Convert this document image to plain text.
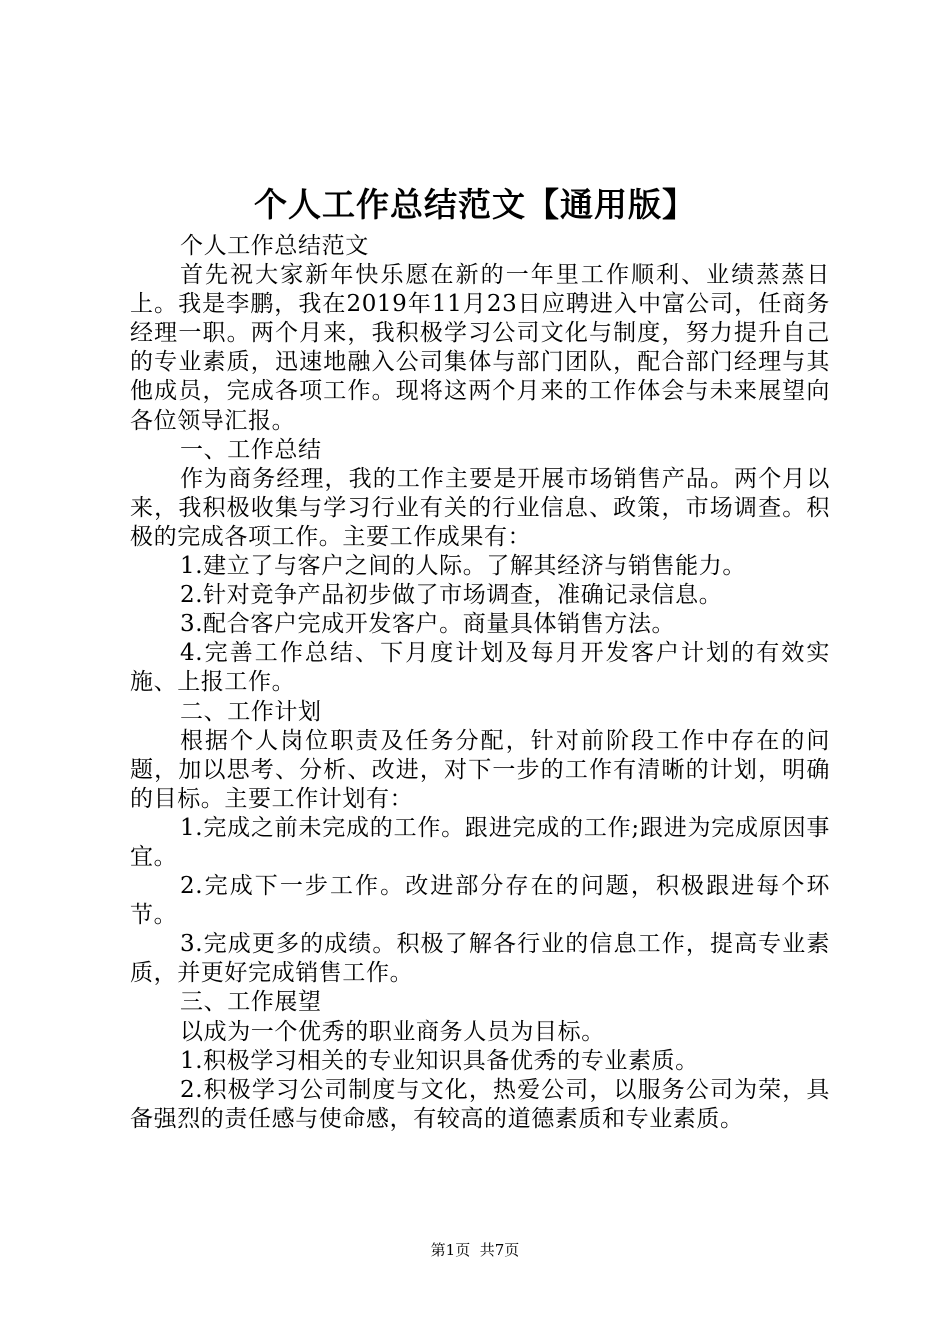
个人工作总结范文【通用版】

个人工作总结范文

首先祝大家新年快乐愿在新的一年里工作顺利、业绩蒸蒸日上。我是李鹏，我在2019年11月23日应聘进入中富公司，任商务经理一职。两个月来，我积极学习公司文化与制度，努力提升自己的专业素质，迅速地融入公司集体与部门团队，配合部门经理与其他成员，完成各项工作。现将这两个月来的工作体会与未来展望向各位领导汇报。

一、工作总结

作为商务经理，我的工作主要是开展市场销售产品。两个月以来，我积极收集与学习行业有关的行业信息、政策，市场调查。积极的完成各项工作。主要工作成果有：

1.建立了与客户之间的人际。了解其经济与销售能力。

2.针对竞争产品初步做了市场调查，准确记录信息。

3.配合客户完成开发客户。商量具体销售方法。

4.完善工作总结、下月度计划及每月开发客户计划的有效实施、上报工作。

二、工作计划

根据个人岗位职责及任务分配，针对前阶段工作中存在的问题，加以思考、分析、改进，对下一步的工作有清晰的计划，明确的目标。主要工作计划有：

1.完成之前未完成的工作。跟进完成的工作;跟进为完成原因事宜。

2.完成下一步工作。改进部分存在的问题，积极跟进每个环节。

3.完成更多的成绩。积极了解各行业的信息工作，提高专业素质，并更好完成销售工作。

三、工作展望

以成为一个优秀的职业商务人员为目标。

1.积极学习相关的专业知识具备优秀的专业素质。

2.积极学习公司制度与文化，热爱公司，以服务公司为荣，具备强烈的责任感与使命感，有较高的道德素质和专业素质。

第1页 共7页
